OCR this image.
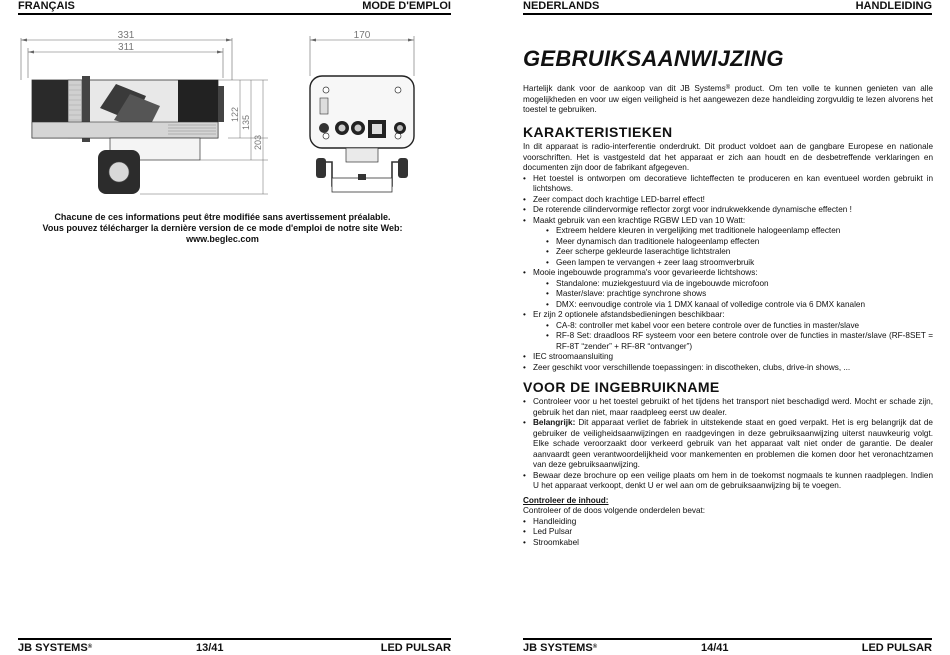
FRANÇAIS	MODE D'EMPLOI
331
311
122
135
203
170
Chacune de ces informations peut être modifiée sans avertissement préalable.
Vous pouvez télécharger la dernière version de ce mode d'emploi de notre site Web:
www.beglec.com
JB SYSTEMS®	13/41	LED PULSAR
NEDERLANDS	HANDLEIDING
GEBRUIKSAANWIJZING
Hartelijk dank voor de aankoop van dit JB Systems® product. Om ten volle te kunnen genieten van alle mogelijkheden en voor uw eigen veiligheid is het aangewezen deze handleiding zorgvuldig te lezen alvorens het toestel te gebruiken.
KARAKTERISTIEKEN
In dit apparaat is radio-interferentie onderdrukt. Dit product voldoet aan de gangbare Europese en nationale voorschriften. Het is vastgesteld dat het apparaat er zich aan houdt en de desbetreffende verklaringen en documenten zijn door de fabrikant afgegeven.
• Het toestel is ontworpen om decoratieve lichteffecten te produceren en kan eventueel worden gebruikt in lichtshows.
• Zeer compact doch krachtige LED-barrel effect!
• De roterende cilindervormige reflector zorgt voor indrukwekkende dynamische effecten !
• Maakt gebruik van een krachtige RGBW LED van 10 Watt:
• Extreem heldere kleuren in vergelijking met traditionele halogeenlamp effecten
• Meer dynamisch dan traditionele halogeenlamp effecten
• Zeer scherpe gekleurde laserachtige lichtstralen
• Geen lampen te vervangen + zeer laag stroomverbruik
• Mooie ingebouwde programma's voor gevarieerde lichtshows:
• Standalone: muziekgestuurd via de ingebouwde microfoon
• Master/slave: prachtige synchrone shows
• DMX: eenvoudige controle via 1 DMX kanaal of volledige controle via 6 DMX kanalen
• Er zijn 2 optionele afstandsbedieningen beschikbaar:
• CA-8: controller met kabel voor een betere controle over de functies in master/slave
• RF-8 Set: draadloos RF systeem voor een betere controle over de functies in master/slave (RF-8SET = RF-8T “zender” + RF-8R “ontvanger”)
• IEC stroomaansluiting
• Zeer geschikt voor verschillende toepassingen: in discotheken, clubs, drive-in shows, ...
VOOR DE INGEBRUIKNAME
• Controleer voor u het toestel gebruikt of het tijdens het transport niet beschadigd werd. Mocht er schade zijn, gebruik het dan niet, maar raadpleeg eerst uw dealer.
• Belangrijk: Dit apparaat verliet de fabriek in uitstekende staat en goed verpakt. Het is erg belangrijk dat de gebruiker de veiligheidsaanwijzingen en raadgevingen in deze gebruiksaanwijzing uiterst nauwkeurig volgt. Elke schade veroorzaakt door verkeerd gebruik van het apparaat valt niet onder de garantie. De dealer aanvaardt geen verantwoordelijkheid voor mankementen en problemen die komen door het veronachtzamen van deze gebruiksaanwijzing.
• Bewaar deze brochure op een veilige plaats om hem in de toekomst nogmaals te kunnen raadplegen. Indien U het apparaat verkoopt, denkt U er wel aan om de gebruiksaanwijzing bij te voegen.
Controleer de inhoud:
Controleer of de doos volgende onderdelen bevat:
• Handleiding
• Led Pulsar
• Stroomkabel
JB SYSTEMS®	14/41	LED PULSAR
